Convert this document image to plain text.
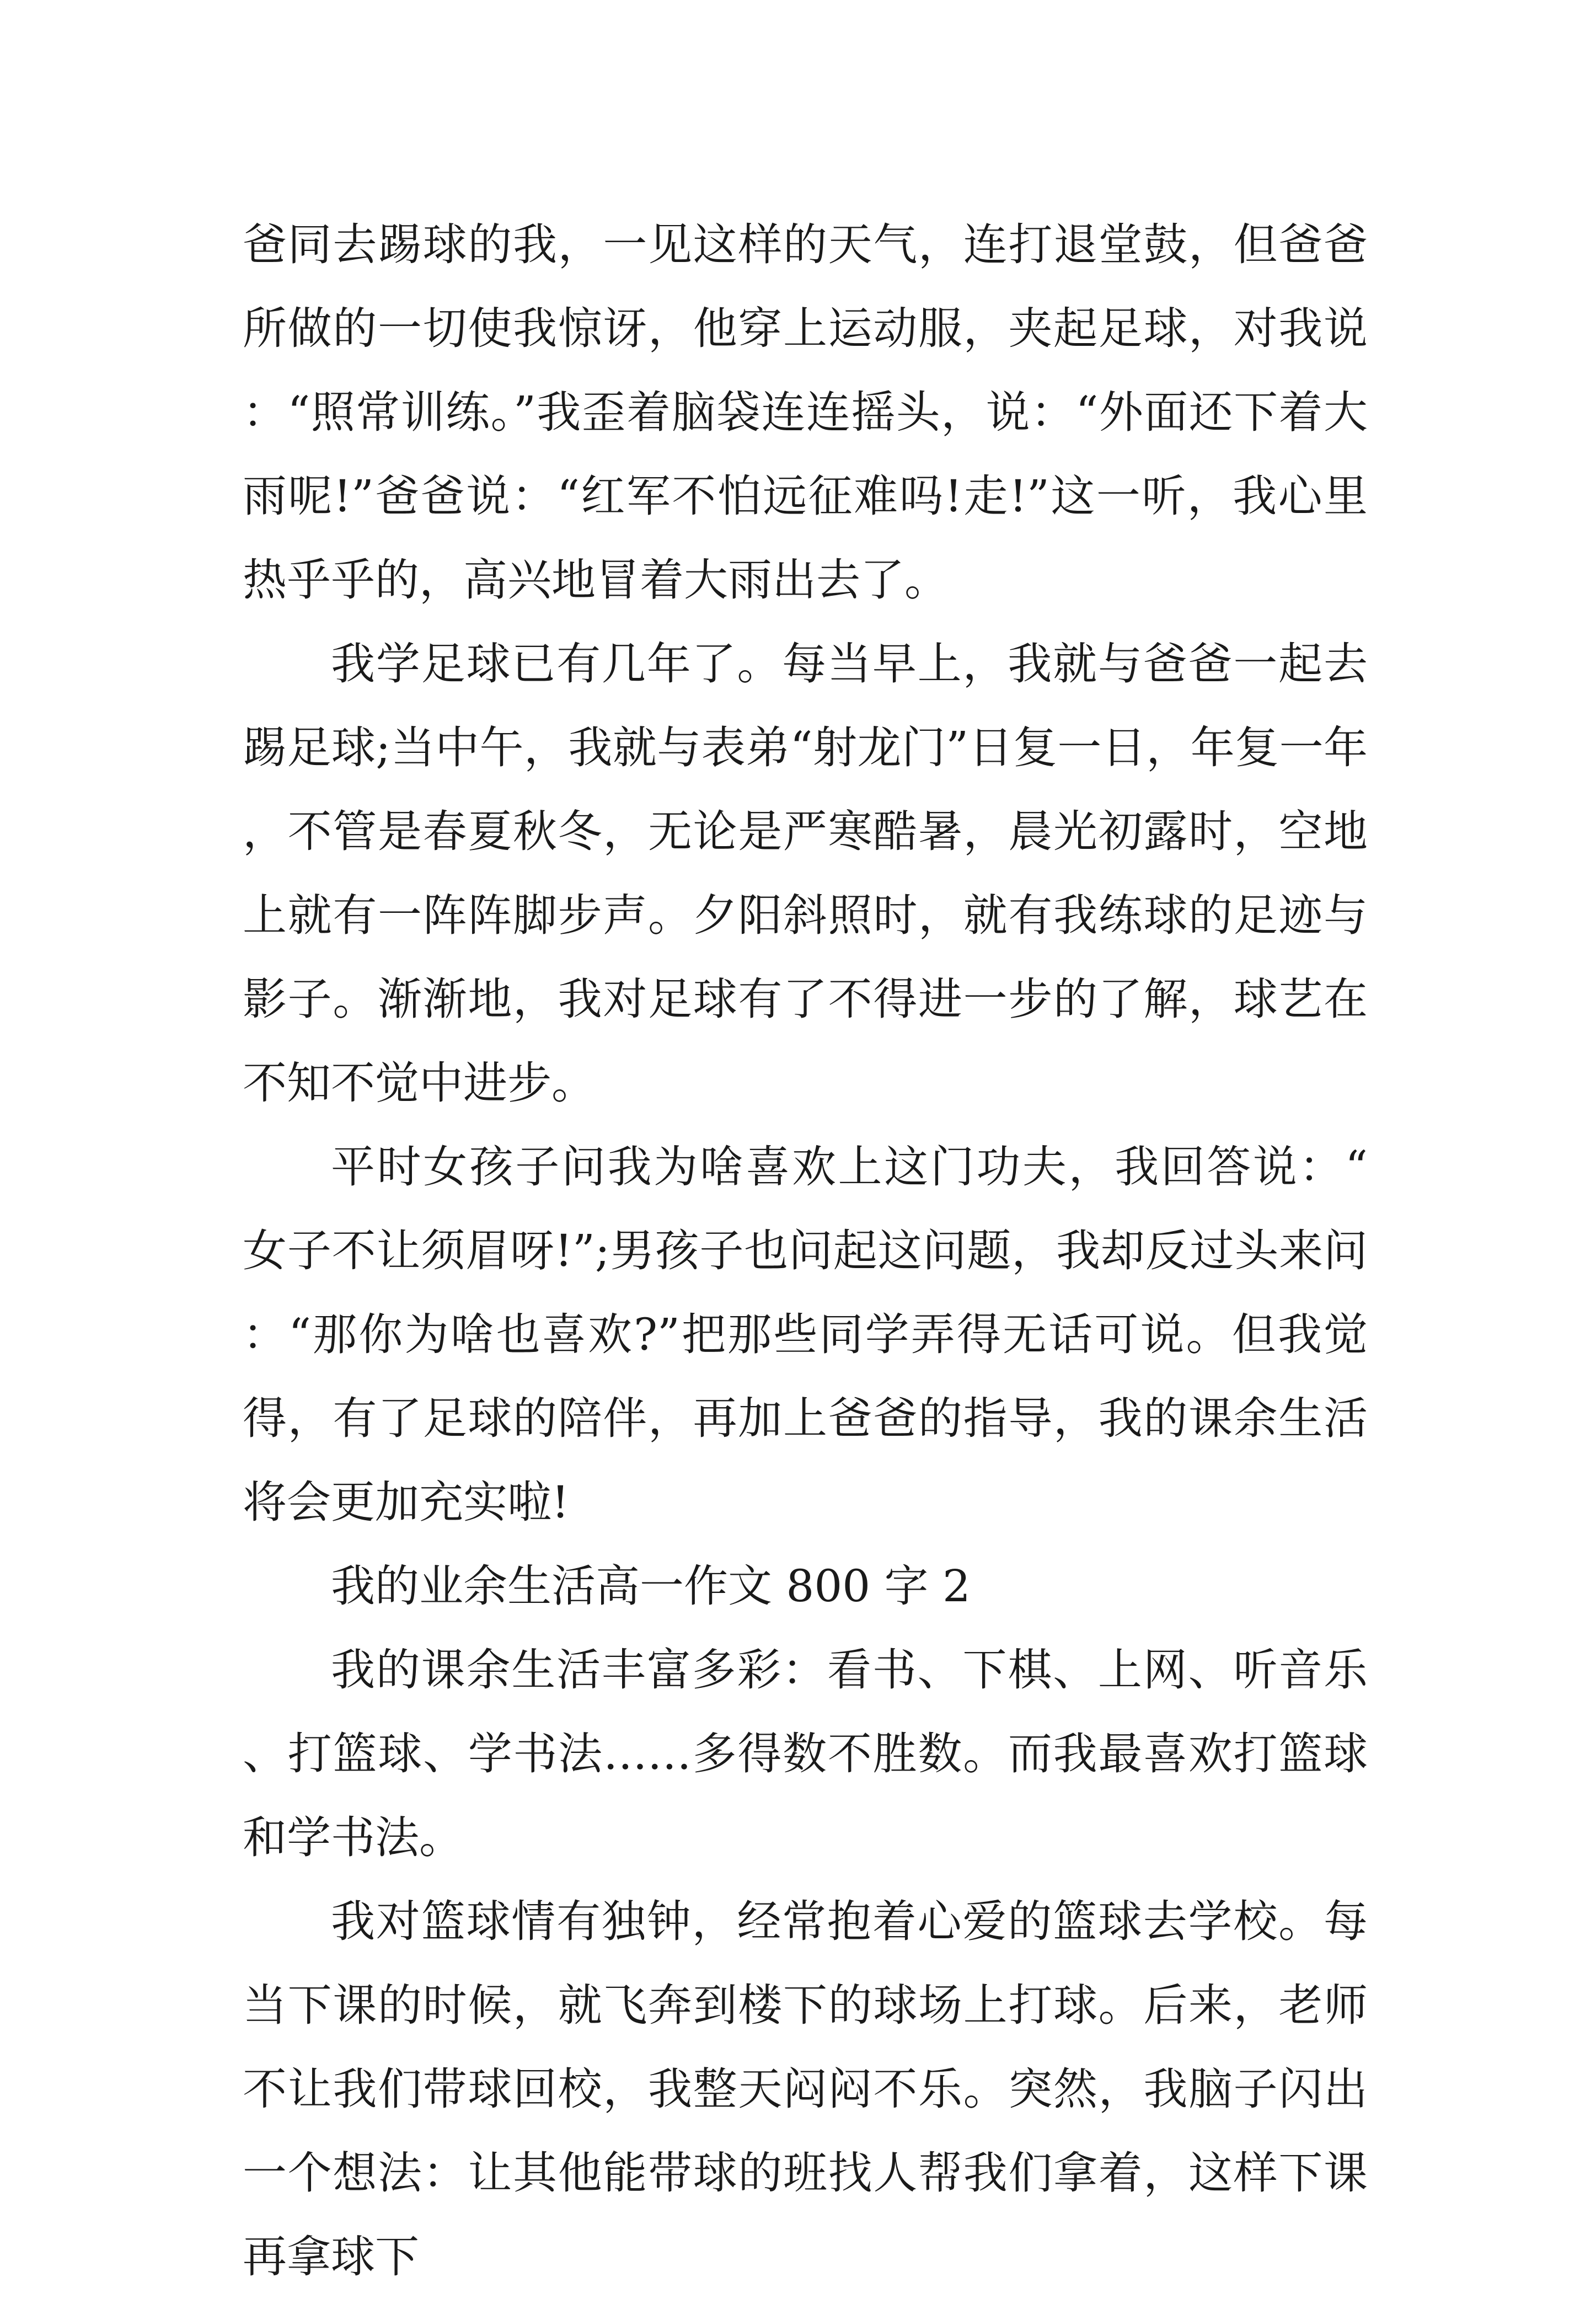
爸同去踢球的我，一见这样的天气，连打退堂鼓，但爸爸所做的一切使我惊讶，他穿上运动服，夹起足球，对我说：“照常训练。”我歪着脑袋连连摇头，说：“外面还下着大雨呢!”爸爸说：“红军不怕远征难吗!走!”这一听，我心里热乎乎的，高兴地冒着大雨出去了。

我学足球已有几年了。每当早上，我就与爸爸一起去踢足球;当中午，我就与表弟“射龙门”日复一日，年复一年，不管是春夏秋冬，无论是严寒酷暑，晨光初露时，空地上就有一阵阵脚步声。夕阳斜照时，就有我练球的足迹与影子。渐渐地，我对足球有了不得进一步的了解，球艺在不知不觉中进步。

平时女孩子问我为啥喜欢上这门功夫，我回答说：“女子不让须眉呀!”;男孩子也问起这问题，我却反过头来问：“那你为啥也喜欢?”把那些同学弄得无话可说。但我觉得，有了足球的陪伴，再加上爸爸的指导，我的课余生活将会更加充实啦!

我的业余生活高一作文 800 字 2

我的课余生活丰富多彩：看书、下棋、上网、听音乐、打篮球、学书法……多得数不胜数。而我最喜欢打篮球和学书法。

我对篮球情有独钟，经常抱着心爱的篮球去学校。每当下课的时候，就飞奔到楼下的球场上打球。后来，老师不让我们带球回校，我整天闷闷不乐。突然，我脑子闪出一个想法：让其他能带球的班找人帮我们拿着，这样下课再拿球下
